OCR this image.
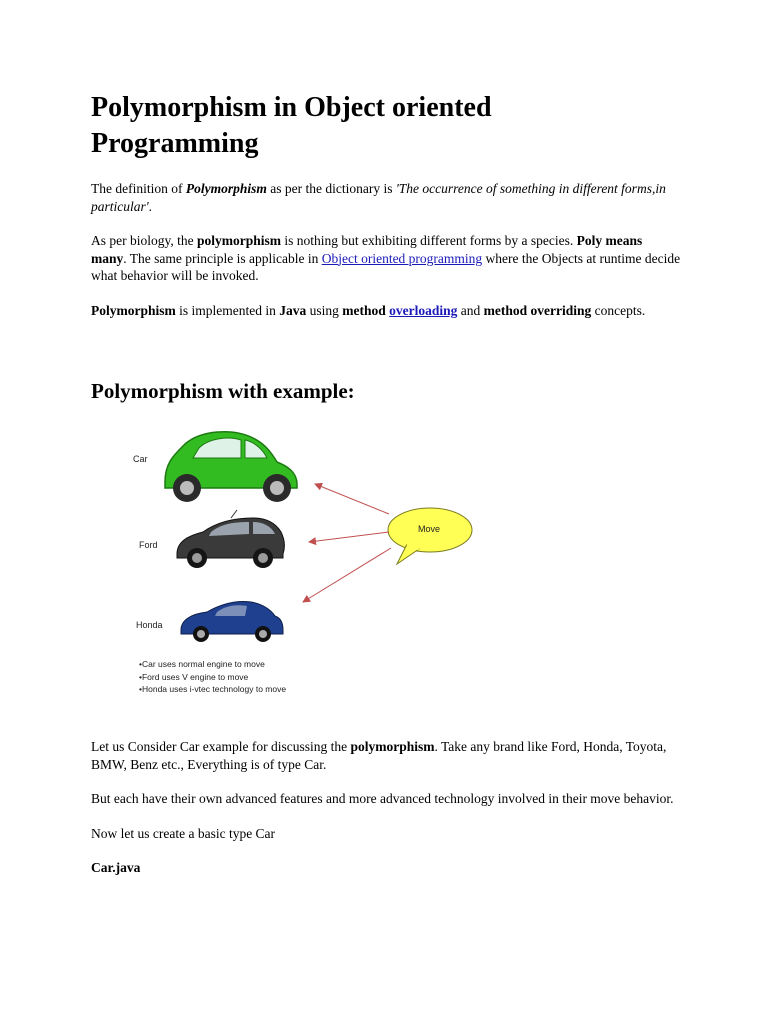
Polymorphism in Object oriented Programming

The definition of Polymorphism as per the dictionary is 'The occurrence of something in different forms,in particular'.

As per biology, the polymorphism is nothing but exhibiting different forms by a species. Poly means many. The same principle is applicable in Object oriented programming where the Objects at runtime decide what behavior will be invoked.

Polymorphism is implemented in Java using method overloading and method overriding concepts.

Polymorphism with example:
Car
Ford
Honda
Move
•Car uses normal engine to move
•Ford uses V engine to move
•Honda uses i-vtec technology to move

Let us Consider Car example for discussing the polymorphism. Take any brand like Ford, Honda, Toyota, BMW, Benz etc., Everything is of type Car.

But each have their own advanced features and more advanced technology involved in their move behavior.

Now let us create a basic type Car

Car.java
